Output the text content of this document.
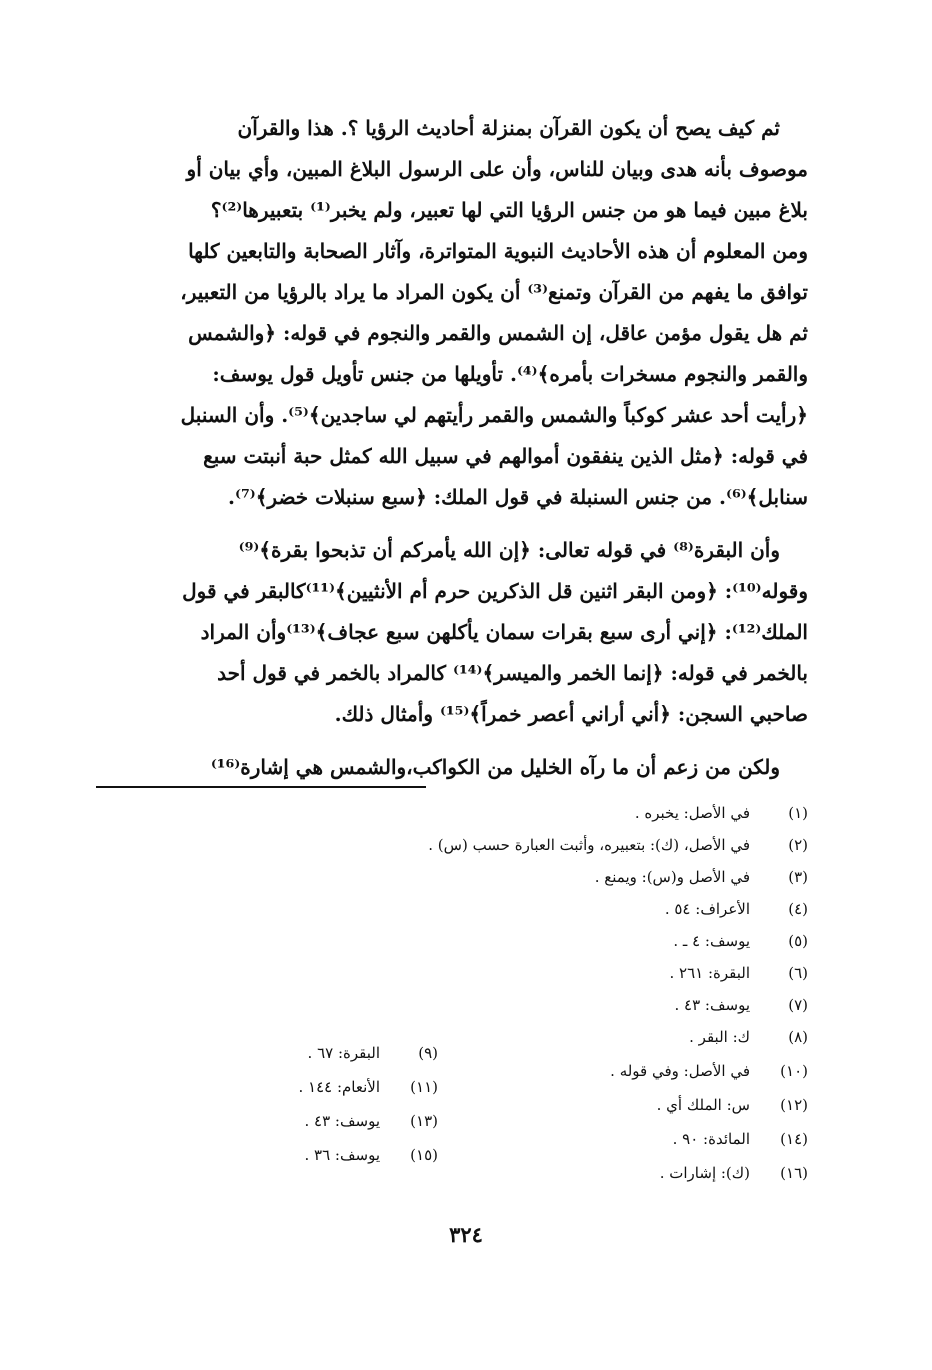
ثم كيف يصح أن يكون القرآن بمنزلة أحاديث الرؤيا ؟. هذا والقرآن

موصوف بأنه هدى وبيان للناس، وأن على الرسول البلاغ المبين، وأي بيان أو

بلاغ مبين فيما هو من جنس الرؤيا التي لها تعبير، ولم يخبر⁽¹⁾ بتعبيرها⁽²⁾؟

ومن المعلوم أن هذه الأحاديث النبوية المتواترة، وآثار الصحابة والتابعين كلها

توافق ما يفهم من القرآن وتمنع⁽³⁾ أن يكون المراد ما يراد بالرؤيا من التعبير،

ثم هل يقول مؤمن عاقل، إن الشمس والقمر والنجوم في قوله: ﴿والشمس

والقمر والنجوم مسخرات بأمره﴾⁽⁴⁾. تأويلها من جنس تأويل قول يوسف:

﴿رأيت أحد عشر كوكباً والشمس والقمر رأيتهم لي ساجدين﴾⁽⁵⁾. وأن السنبل

في قوله: ﴿مثل الذين ينفقون أموالهم في سبيل الله كمثل حبة أنبتت سبع

سنابل﴾⁽⁶⁾. من جنس السنبلة في قول الملك: ﴿سبع سنبلات خضر﴾⁽⁷⁾.

وأن البقرة⁽⁸⁾ في قوله تعالى: ﴿إن الله يأمركم أن تذبحوا بقرة﴾⁽⁹⁾

وقوله⁽¹⁰⁾: ﴿ومن البقر اثنين قل الذكرين حرم أم الأنثيين﴾⁽¹¹⁾كالبقر في قول

الملك⁽¹²⁾: ﴿إني أرى سبع بقرات سمان يأكلهن سبع عجاف﴾⁽¹³⁾وأن المراد

بالخمر في قوله: ﴿إنما الخمر والميسر﴾⁽¹⁴⁾ كالمراد بالخمر في قول أحد

صاحبي السجن: ﴿أني أراني أعصر خمراً﴾⁽¹⁵⁾ وأمثال ذلك.

ولكن من زعم أن ما رآه الخليل من الكواكب،والشمس هي إشارة⁽¹⁶⁾

(١)في الأصل: يخبره .
(٢)في الأصل، (ك): بتعبيره، وأثبت العبارة حسب (س) .
(٣)في الأصل و(س): ويمنع .
(٤)الأعراف: ٥٤ .
(٥)يوسف: ٤ ـ .
(٦)البقرة: ٢٦١ .
(٧)يوسف: ٤٣ .
(٨)ك: البقر .
(١٠)في الأصل: وفي قوله .
(١٢)س: الملك أي .
(١٤)المائدة: ٩٠ .
(١٦)(ك): إشارات .
(٩)البقرة: ٦٧ .
(١١)الأنعام: ١٤٤ .
(١٣)يوسف: ٤٣ .
(١٥)يوسف: ٣٦ .
٣٢٤
